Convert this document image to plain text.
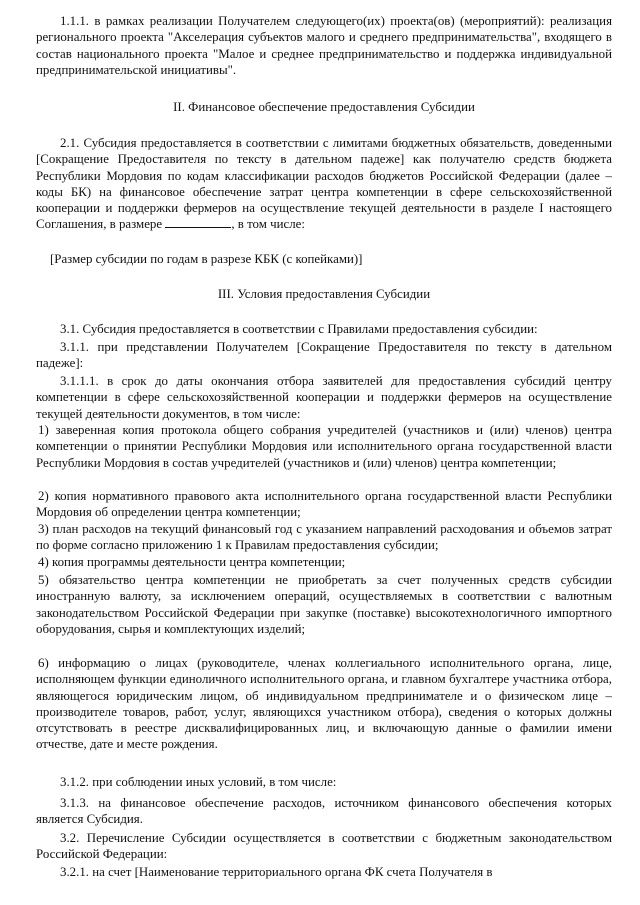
1.1.1. в рамках реализации Получателем следующего(их) проекта(ов) (мероприятий): реализация регионального проекта "Акселерация субъектов малого и среднего предпринимательства", входящего в состав национального проекта "Малое и среднее предпринимательство и поддержка индивидуальной предпринимательской инициативы".
II. Финансовое обеспечение предоставления Субсидии
2.1. Субсидия предоставляется в соответствии с лимитами бюджетных обязательств, доведенными [Сокращение Предоставителя по тексту в дательном падеже] как получателю средств бюджета Республики Мордовия по кодам классификации расходов бюджетов Российской Федерации (далее – коды БК) на финансовое обеспечение затрат центра компетенции в сфере сельскохозяйственной кооперации и поддержки фермеров на осуществление текущей деятельности в разделе I настоящего Соглашения, в размере	, в том числе:
[Размер субсидии по годам в разрезе КБК (с копейками)]
III. Условия предоставления Субсидии
3.1. Субсидия предоставляется в соответствии с Правилами предоставления субсидии:
3.1.1. при представлении Получателем [Сокращение Предоставителя по тексту в дательном падеже]:
3.1.1.1. в срок до даты окончания отбора заявителей для предоставления субсидий центру компетенции в сфере сельскохозяйственной кооперации и поддержки фермеров на осуществление текущей деятельности документов, в том числе:
1) заверенная копия протокола общего собрания учредителей (участников и (или) членов) центра компетенции о принятии Республики Мордовия или исполнительного органа государственной власти Республики Мордовия в состав учредителей (участников и (или) членов) центра компетенции;
2) копия нормативного правового акта исполнительного органа государственной власти Республики Мордовия об определении центра компетенции;
3) план расходов на текущий финансовый год с указанием направлений расходования и объемов затрат по форме согласно приложению 1 к Правилам предоставления субсидии;
4) копия программы деятельности центра компетенции;
5) обязательство центра компетенции не приобретать за счет полученных средств субсидии иностранную валюту, за исключением операций, осуществляемых в соответствии с валютным законодательством Российской Федерации при закупке (поставке) высокотехнологичного импортного оборудования, сырья и комплектующих изделий;
6) информацию о лицах (руководителе, членах коллегиального исполнительного органа, лице, исполняющем функции единоличного исполнительного органа, и главном бухгалтере участника отбора, являющегося юридическим лицом, об индивидуальном предпринимателе и о физическом лице – производителе товаров, работ, услуг, являющихся участником отбора), сведения о которых должны отсутствовать в реестре дисквалифицированных лиц, и включающую данные о фамилии имени отчестве, дате и месте рождения.
3.1.2. при соблюдении иных условий, в том числе:
3.1.3. на финансовое обеспечение расходов, источником финансового обеспечения которых является Субсидия.
3.2. Перечисление Субсидии осуществляется в соответствии с бюджетным законодательством Российской Федерации:
3.2.1. на счет [Наименование территориального органа ФК счета Получателя в
